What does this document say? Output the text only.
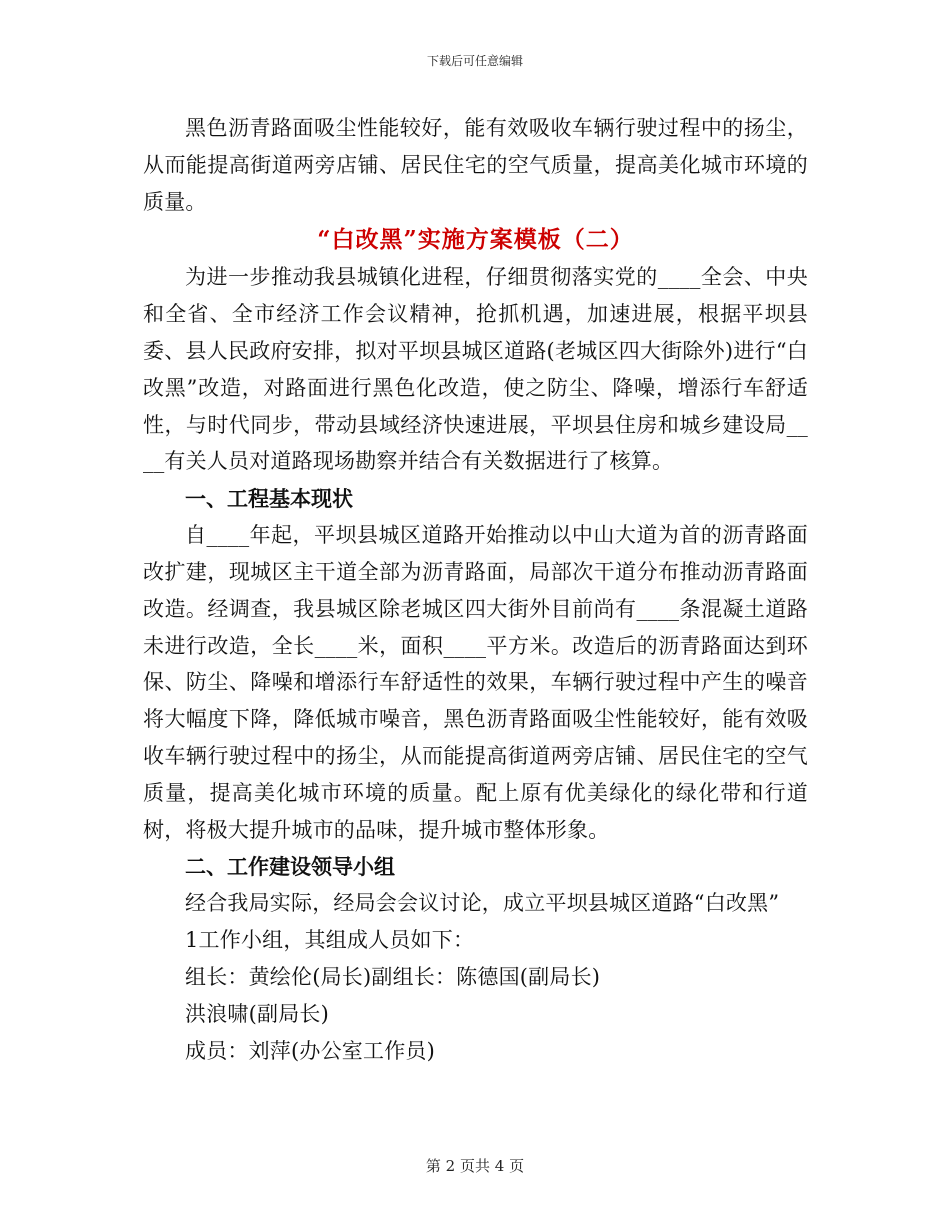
下载后可任意编辑

黑色沥青路面吸尘性能较好，能有效吸收车辆行驶过程中的扬尘，从而能提高街道两旁店铺、居民住宅的空气质量，提高美化城市环境的质量。

“白改黑”实施方案模板（二）

为进一步推动我县城镇化进程，仔细贯彻落实党的____全会、中央和全省、全市经济工作会议精神，抢抓机遇，加速进展，根据平坝县委、县人民政府安排，拟对平坝县城区道路(老城区四大街除外)进行“白改黑”改造，对路面进行黑色化改造，使之防尘、降噪，增添行车舒适性，与时代同步，带动县域经济快速进展，平坝县住房和城乡建设局____有关人员对道路现场勘察并结合有关数据进行了核算。

一、工程基本现状

自____年起，平坝县城区道路开始推动以中山大道为首的沥青路面改扩建，现城区主干道全部为沥青路面，局部次干道分布推动沥青路面改造。经调查，我县城区除老城区四大街外目前尚有____条混凝土道路未进行改造，全长____米，面积____平方米。改造后的沥青路面达到环保、防尘、降噪和增添行车舒适性的效果，车辆行驶过程中产生的噪音将大幅度下降，降低城市噪音，黑色沥青路面吸尘性能较好，能有效吸收车辆行驶过程中的扬尘，从而能提高街道两旁店铺、居民住宅的空气质量，提高美化城市环境的质量。配上原有优美绿化的绿化带和行道树，将极大提升城市的品味，提升城市整体形象。

二、工作建设领导小组

经合我局实际，经局会会议讨论，成立平坝县城区道路“白改黑”

1工作小组，其组成人员如下：

组长：黄绘伦(局长)副组长：陈德国(副局长)

洪浪啸(副局长)

成员：刘萍(办公室工作员)

第 2 页共 4 页
